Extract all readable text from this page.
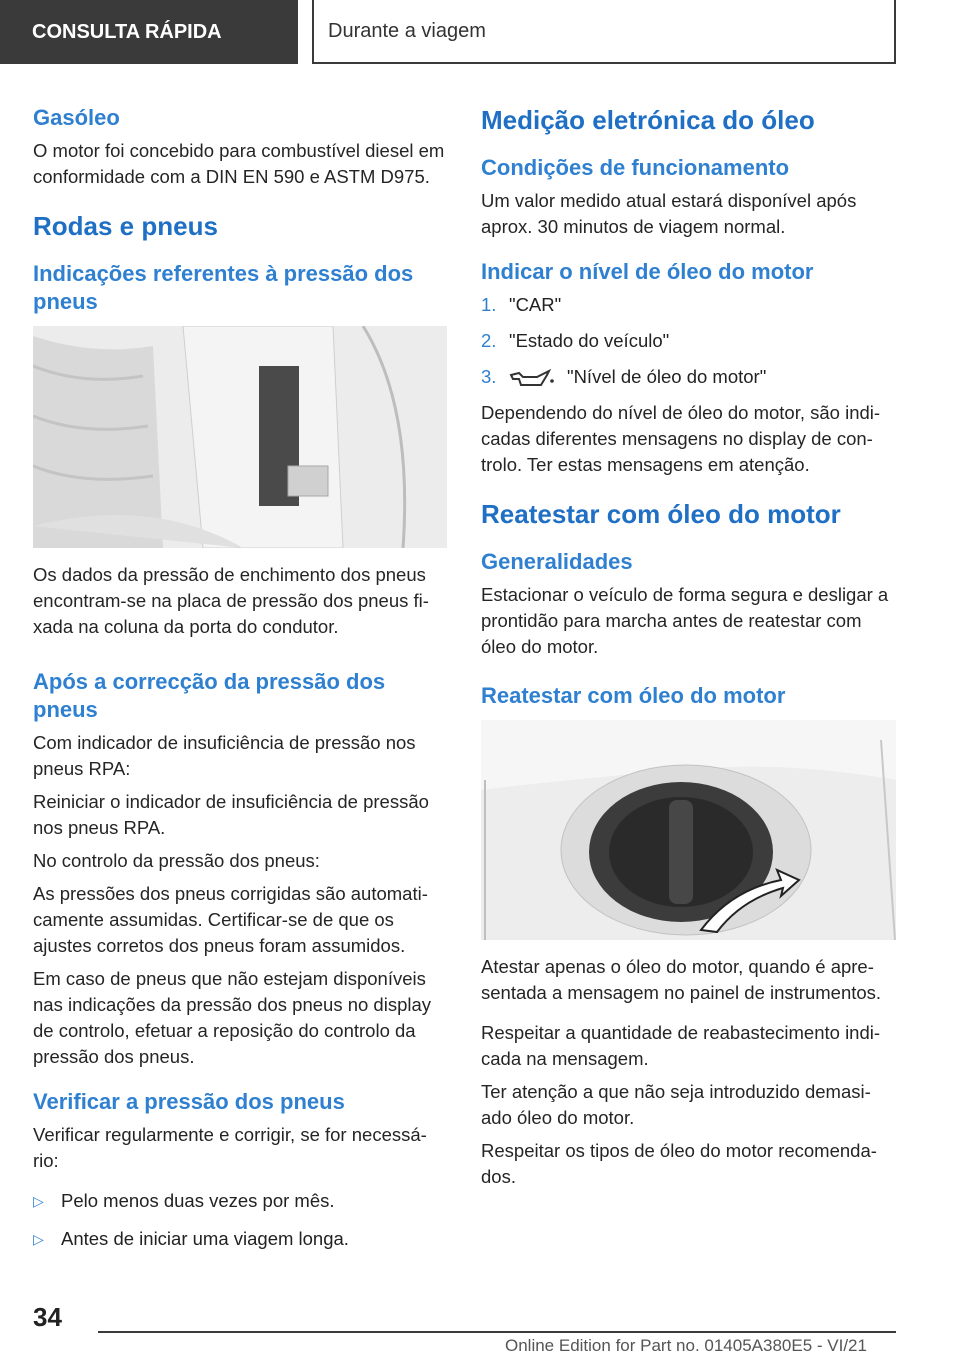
CONSULTA RÁPIDA	Durante a viagem
Gasóleo
O motor foi concebido para combustível diesel em conformidade com a DIN EN 590 e ASTM D975.
Rodas e pneus
Indicações referentes à pressão dos pneus
Os dados da pressão de enchimento dos pneus encontram-se na placa de pressão dos pneus fi-xada na coluna da porta do condutor.
Após a correcção da pressão dos pneus
Com indicador de insuficiência de pressão nos pneus RPA:
Reiniciar o indicador de insuficiência de pressão nos pneus RPA.
No controlo da pressão dos pneus:
As pressões dos pneus corrigidas são automati-camente assumidas. Certificar-se de que os ajustes corretos dos pneus foram assumidos.
Em caso de pneus que não estejam disponíveis nas indicações da pressão dos pneus no display de controlo, efetuar a reposição do controlo da pressão dos pneus.
Verificar a pressão dos pneus
Verificar regularmente e corrigir, se for necessá-rio:
▷ Pelo menos duas vezes por mês.
▷ Antes de iniciar uma viagem longa.
Medição eletrónica do óleo
Condições de funcionamento
Um valor medido atual estará disponível após aprox. 30 minutos de viagem normal.
Indicar o nível de óleo do motor
1. "CAR"
2. "Estado do veículo"
3.	"Nível de óleo do motor"
Dependendo do nível de óleo do motor, são indi-cadas diferentes mensagens no display de con-trolo. Ter estas mensagens em atenção.
Reatestar com óleo do motor
Generalidades
Estacionar o veículo de forma segura e desligar a prontidão para marcha antes de reatestar com óleo do motor.
Reatestar com óleo do motor
Atestar apenas o óleo do motor, quando é apre-sentada a mensagem no painel de instrumentos.
Respeitar a quantidade de reabastecimento indi-cada na mensagem.
Ter atenção a que não seja introduzido demasi-ado óleo do motor.
Respeitar os tipos de óleo do motor recomenda-dos.
34
Online Edition for Part no. 01405A380E5 - VI/21
